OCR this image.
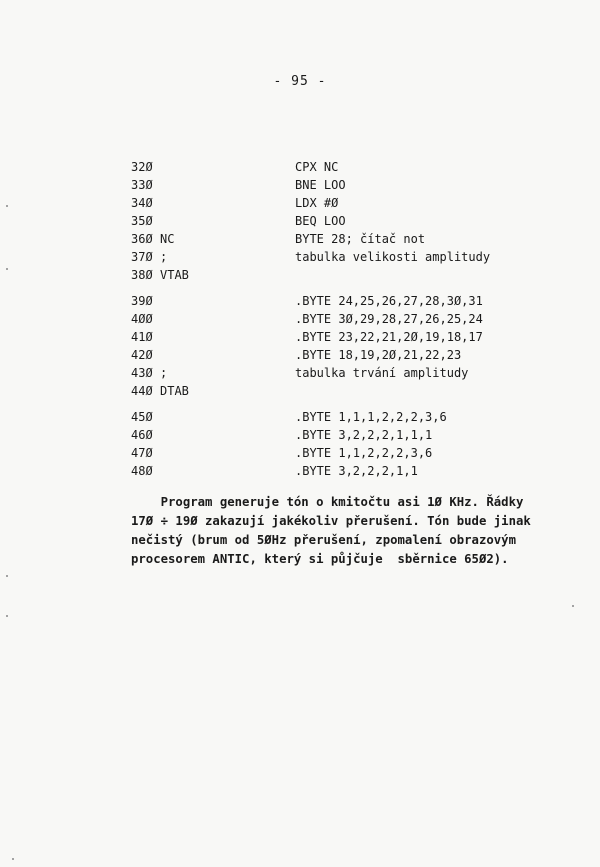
- 95 -
32Ø	CPX NC
33Ø	BNE LOO
34Ø	LDX #Ø
35Ø	BEQ LOO
36Ø NC	BYTE 28; čítač not
37Ø ;	tabulka velikosti amplitudy
38Ø VTAB
39Ø	.BYTE 24,25,26,27,28,3Ø,31
4ØØ	.BYTE 3Ø,29,28,27,26,25,24
41Ø	.BYTE 23,22,21,2Ø,19,18,17
42Ø	.BYTE 18,19,2Ø,21,22,23
43Ø ;	tabulka trvání amplitudy
44Ø DTAB
45Ø	.BYTE 1,1,1,2,2,2,3,6
46Ø	.BYTE 3,2,2,2,1,1,1
47Ø	.BYTE 1,1,2,2,2,3,6
48Ø	.BYTE 3,2,2,2,1,1

Program generuje tón o kmitočtu asi 1Ø KHz. Řádky

17Ø ÷ 19Ø zakazují jakékoliv přerušení. Tón bude jinak

nečistý (brum od 5ØHz přerušení, zpomalení obrazovým

procesorem ANTIC, který si půjčuje  sběrnice 65Ø2).
